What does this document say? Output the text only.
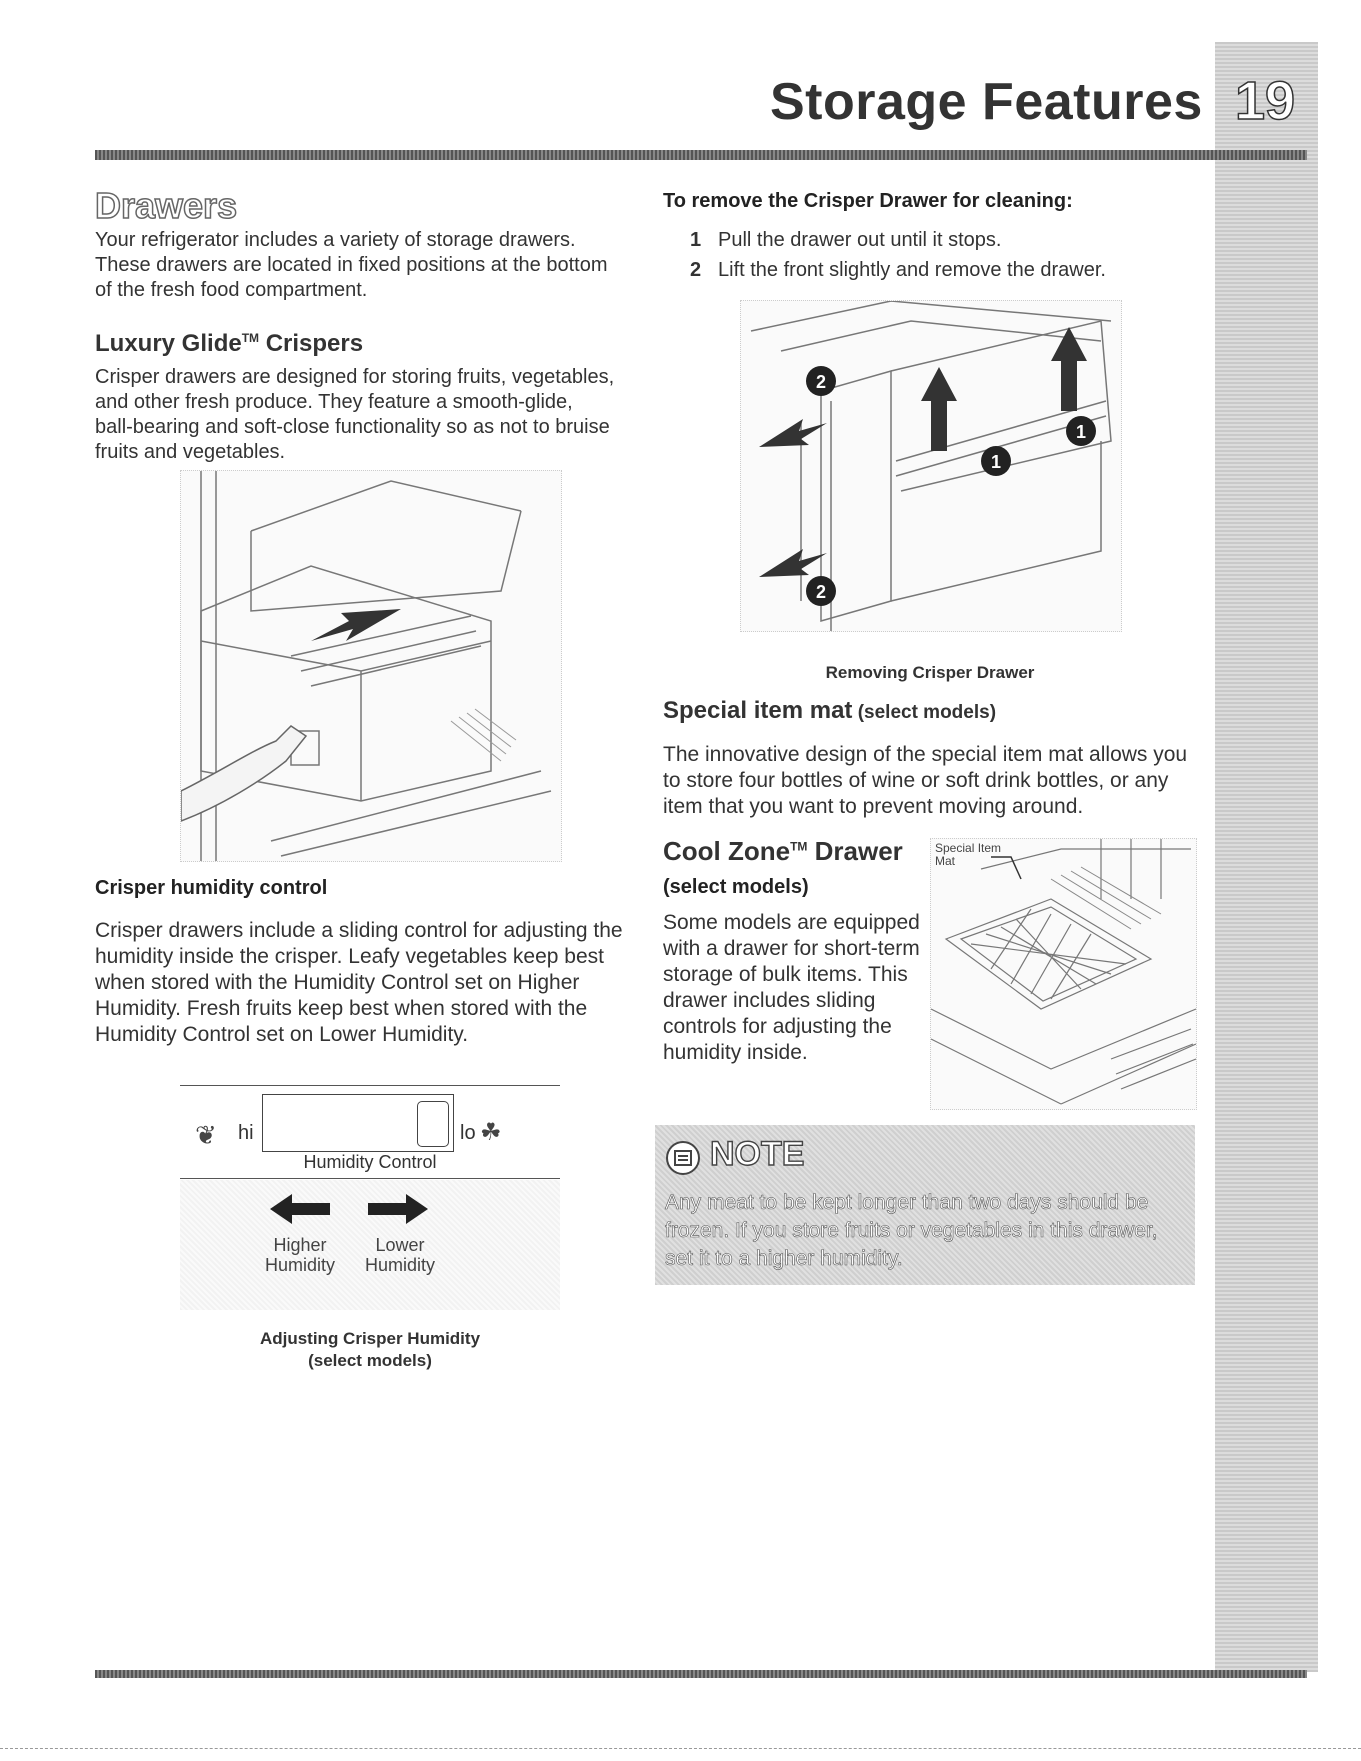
Storage Features 19
Drawers
Your refrigerator includes a variety of storage drawers. These drawers are located in fixed positions at the bottom of the fresh food compartment.
Luxury Glide™ Crispers
Crisper drawers are designed for storing fruits, vegetables, and other fresh produce. They feature a smooth-glide, ball-bearing and soft-close functionality so as not to bruise fruits and vegetables.
Crisper humidity control
Crisper drawers include a sliding control for adjusting the humidity inside the crisper. Leafy vegetables keep best when stored with the Humidity Control set on Higher Humidity. Fresh fruits keep best when stored with the Humidity Control set on Lower Humidity.
❦ hi	lo ☘
Humidity Control
Higher
Humidity
Lower
Humidity
Adjusting Crisper Humidity
(select models)
To remove the Crisper Drawer for cleaning:
1 Pull the drawer out until it stops.
2 Lift the front slightly and remove the drawer.
2
2
1
1
Removing Crisper Drawer
Special item mat (select models)
The innovative design of the special item mat allows you to store four bottles of wine or soft drink bottles, or any item that you want to prevent moving around.
Cool Zone™ Drawer
(select models)
Some models are equipped with a drawer for short-term storage of bulk items. This drawer includes sliding controls for adjusting the humidity inside.
Special Item
Mat
NOTE
Any meat to be kept longer than two days should be frozen. If you store fruits or vegetables in this drawer, set it to a higher humidity.
